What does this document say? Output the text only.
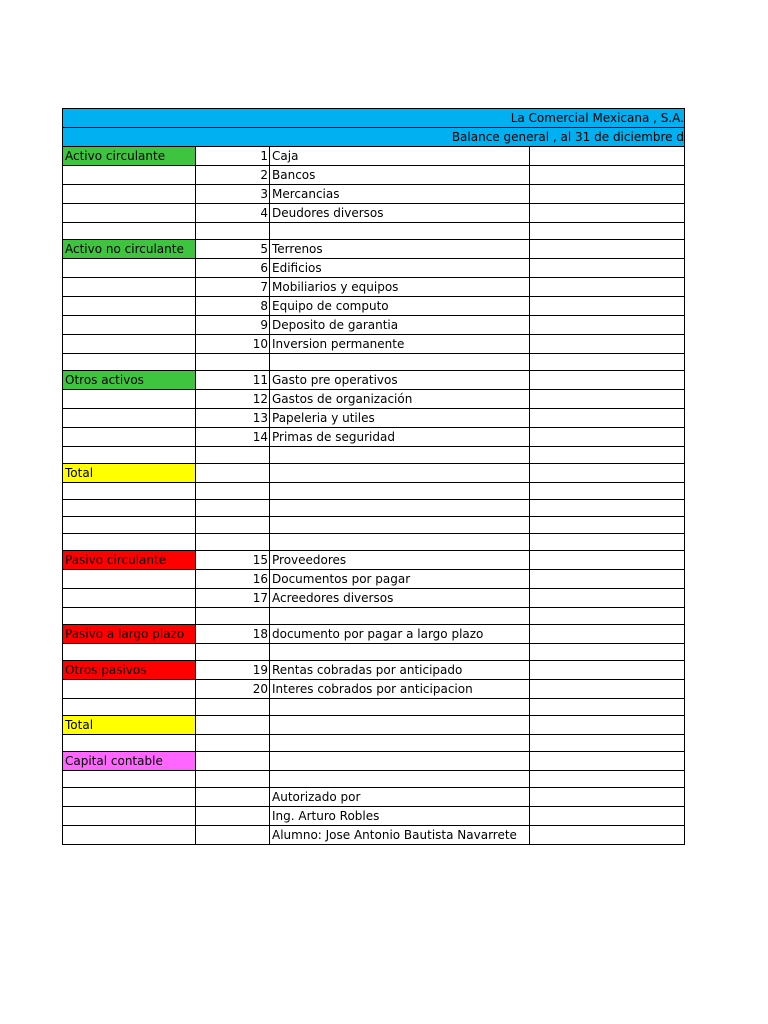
La Comercial Mexicana , S.A.			
Balance general , al 31 de diciembre d			
Activo circulante	1	Caja	
	2	Bancos	
	3	Mercancias	
	4	Deudores diversos	

Activo no circulante	5	Terrenos	
	6	Edificios	
	7	Mobiliarios y equipos	
	8	Equipo de computo	
	9	Deposito de garantia	
	10	Inversion permanente	

Otros activos	11	Gasto pre operativos	
	12	Gastos de organización	
	13	Papeleria y utiles	
	14	Primas de seguridad	

Total			

Pasivo circulante	15	Proveedores	
	16	Documentos por pagar	
	17	Acreedores diversos	

Pasivo a largo plazo	18	documento por pagar a largo plazo	

Otros pasivos	19	Rentas cobradas por anticipado	
	20	Interes cobrados por anticipacion	

Total			

Capital contable			

		Autorizado por	
		Ing. Arturo Robles	
		Alumno: Jose Antonio Bautista Navarrete	
